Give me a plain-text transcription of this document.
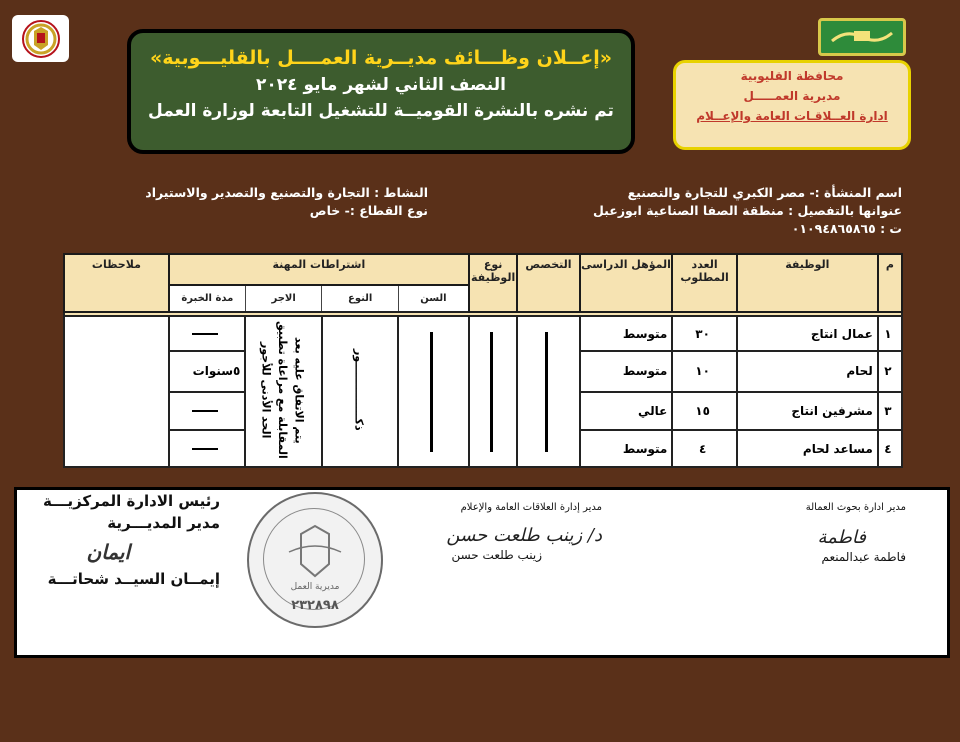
«إعــلان وظـــائف مديــرية العمــــل بالقليـــوبية»
النصف الثاني لشهر مايو ٢٠٢٤
تم نشره بالنشرة القوميــة للتشغيل التابعة لوزارة العمل
محافظة القليوبية
مديرية العمـــــل
ادارة العــلاقـات العامة والإعــلام
اسم المنشأة :- مصر الكبري للتجارة والتصنيع
عنوانها بالتفصيل : منطقة الصفا الصناعية ابوزعبل
ت : ٠١٠٩٤٨٦٥٨٦٥
النشاط : التجارة والتصنيع والتصدير والاستيراد
نوع القطاع :- خاص
م	الوظيفة	العدد المطلوب	المؤهل الدراسى	التخصص	نوع الوظيفة	اشتراطات المهنة				ملاحظات
						السن	النوع	الاجر	مدة الخبرة	

١	عمال انتاج	٣٠	متوسط				ذكـــــــــــــــور	يتم الاتفاق عليه بعد المقابلة مع مراعاة تطبيق الحد الأدنى للأجور	

٢	لحام	١٠	متوسط						٥سنوات	
٣	مشرفين انتاج	١٥	عالي							

٤	مساعد لحام	٤	متوسط							
مديرية العمل
٢٣٢٨٩٨
رئيس الادارة المركزيـــة
مدير المديـــرية
ايمان
إيمــان السيــد شحاتـــة
مدير إدارة العلاقات العامة والإعلام
د/ زينب طلعت حسن
زينب طلعت حسن
مدير ادارة بحوث العمالة
فاطمة
فاطمة عبدالمنعم
